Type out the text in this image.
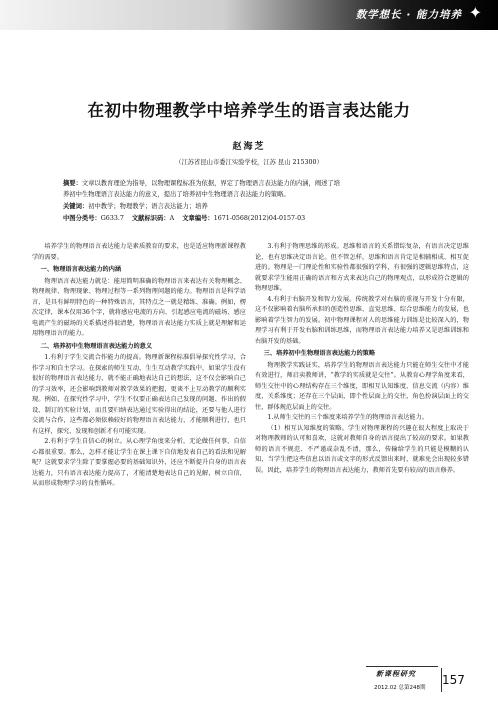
数学想长 · 能力培养 ✦
在初中物理教学中培养学生的语言表达能力
赵海芝
（江苏省昆山市委江实验学校，江苏 昆山 215300）
摘要：文章以教育理论为指导，以物理课程标准为依据，界定了物理语言表达能力的内涵，阐述了培
养初中生物理语言表达能力的意义，提出了培养初中生物理语言表达能力的策略。
关键词：初中教学；物理教学；语言表达能力；培养
中图分类号：G633.7 文献标识码：A 文章编号：1671-0568(2012)04-0157-03

培养学生的物理语言表达能力是素质教育的要求，也是适应物理新课程教学的需要。

一、物理语言表达能力的内涵

物理语言表达能力就是：能用简明准确的物理语言来表达有关物理概念、物理规律、物理现象、物理过程等一系列物理问题的能力。物理语言是科学语言，是具有鲜明特色的一种特殊语言，其特点之一就是精练、准确。例如，楞次定律，课本仅用36个字，就将感应电流的方向、引起感应电流的磁场、感应电流产生的磁场的关系描述得很清楚，物理语言表达能力实质上就是理解和运用物理语言的能力。

二、培养初中生物理语言表达能力的意义

1.有利于学生交流合作能力的提高。物理新课程标准倡导探究性学习、合作学习和自主学习。在探索的师生互动、生生互动教学实践中，如果学生没有很好的物理语言表达能力，就不能正确地表达自己的想法，这不仅会影响自己的学习效率，还会影响到教师对教学效果的把握，更谈不上互动教学的顺利实现。例如，在探究性学习中，学生不仅要正确表达自己发现的问题、作出的假设、制订的实验计划，而且要归纳表达通过实验得出的结论，还要与他人进行交流与合作，这些都必须依赖较好的物理语言表达能力，才能顺利进行，也只有这样，探究、发现和创新才有可能实现。

2.有利于学生自信心的树立。从心理学角度来分析，无论做任何事，自信心都很重要。那么，怎样才能让学生在课上课下自信地发表自己的看法和见解呢？这就要求学生除了要掌握必要的基础知识外，还应不断提升自身的语言表达能力，只有语言表达能力提高了，才能清楚地表达自己的见解，树立自信，从而形成物理学习的良性循环。

3.有利于物理思维的形成。思维和语言的关系错综复杂，有语言决定思维论，也有思维决定语言论。但不管怎样，思维和语言肯定是相辅相成、相互促进的。物理是一门理论性和实验性都很强的学科，有很强的逻辑思维特点，这就要求学生能用正确的语言和方式来表达自己的物理观点，以形成符合逻辑的物理思维。

4.有利于右脑开发和智力发展。传统教学对右脑的重视与开发十分有限，这不仅影响着右脑所承担的创造性思维、直觉思维、综合思维能力的发展，也影响着学生智力的发展。初中物理课程对人的思维能力训练是比较深入的，物理学习有利于开发右脑和训练思维，而物理语言表达能力培养又是思维训练和右脑开发的基础。

三、培养初中生物理语言表达能力的策略

物理教学实践证实，培养学生的物理语言表达能力只能在师生交往中才能有效进行，师启卖教师讲，“教学的实质就是交往”。从教育心理学角度来看，师生交往中的心理结构存在三个维度，即相互认知维度、信息交流（内容）维度，关系维度；还存在三个层面，即个性层面上的交往，角色扮演层面上的交往，群体规范层面上的交往。

1.从师生交往的三个维度来培养学生的物理语言表达能力。

（1）相互认知维度的策略。学生对物理课程的兴趣在很大程度上取决于对物理教师的认可和喜欢，这就对教师自身的语言提出了较高的要求。如果教师的语言不规范、不严谨或杂乱不清，那么，传输给学生的只能是模糊的认知，当学生把这些信息以语言或文字的形式反馈出来时，就难免会出现较多错误。因此，培养学生的物理语言表达能力，教师首先要有较高的语言修养。

新课程研究
2012.02 总第248期
157
